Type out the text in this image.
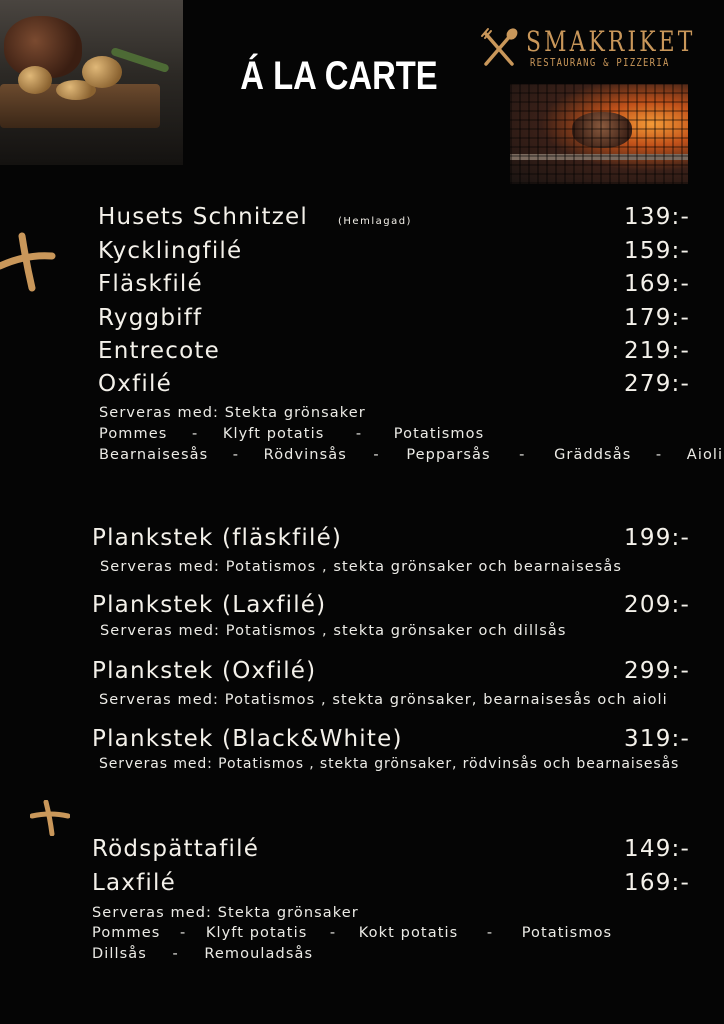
Á LA CARTE
SMAKRIKET
RESTAURANG & PIZZERIA
Husets Schnitzel	(Hemlagad)	139:-
Kycklingfilé	159:-
Fläskfilé	169:-
Ryggbiff	179:-
Entrecote	219:-
Oxfilé	279:-
Serveras med: Stekta grönsaker
Pommes - Klyft potatis - Potatismos
Bearnaisesås - Rödvinsås - Pepparsås - Gräddsås - Aioli
Plankstek (fläskfilé)	199:-
Serveras med: Potatismos , stekta grönsaker och bearnaisesås
Plankstek (Laxfilé)	209:-
Serveras med: Potatismos , stekta grönsaker och dillsås
Plankstek (Oxfilé)	299:-
Serveras med: Potatismos , stekta grönsaker, bearnaisesås och aioli
Plankstek (Black&White)	319:-
Serveras med: Potatismos , stekta grönsaker, rödvinsås och bearnaisesås
Rödspättafilé	149:-
Laxfilé	169:-
Serveras med: Stekta grönsaker
Pommes - Klyft potatis - Kokt potatis - Potatismos
Dillsås - Remouladsås
